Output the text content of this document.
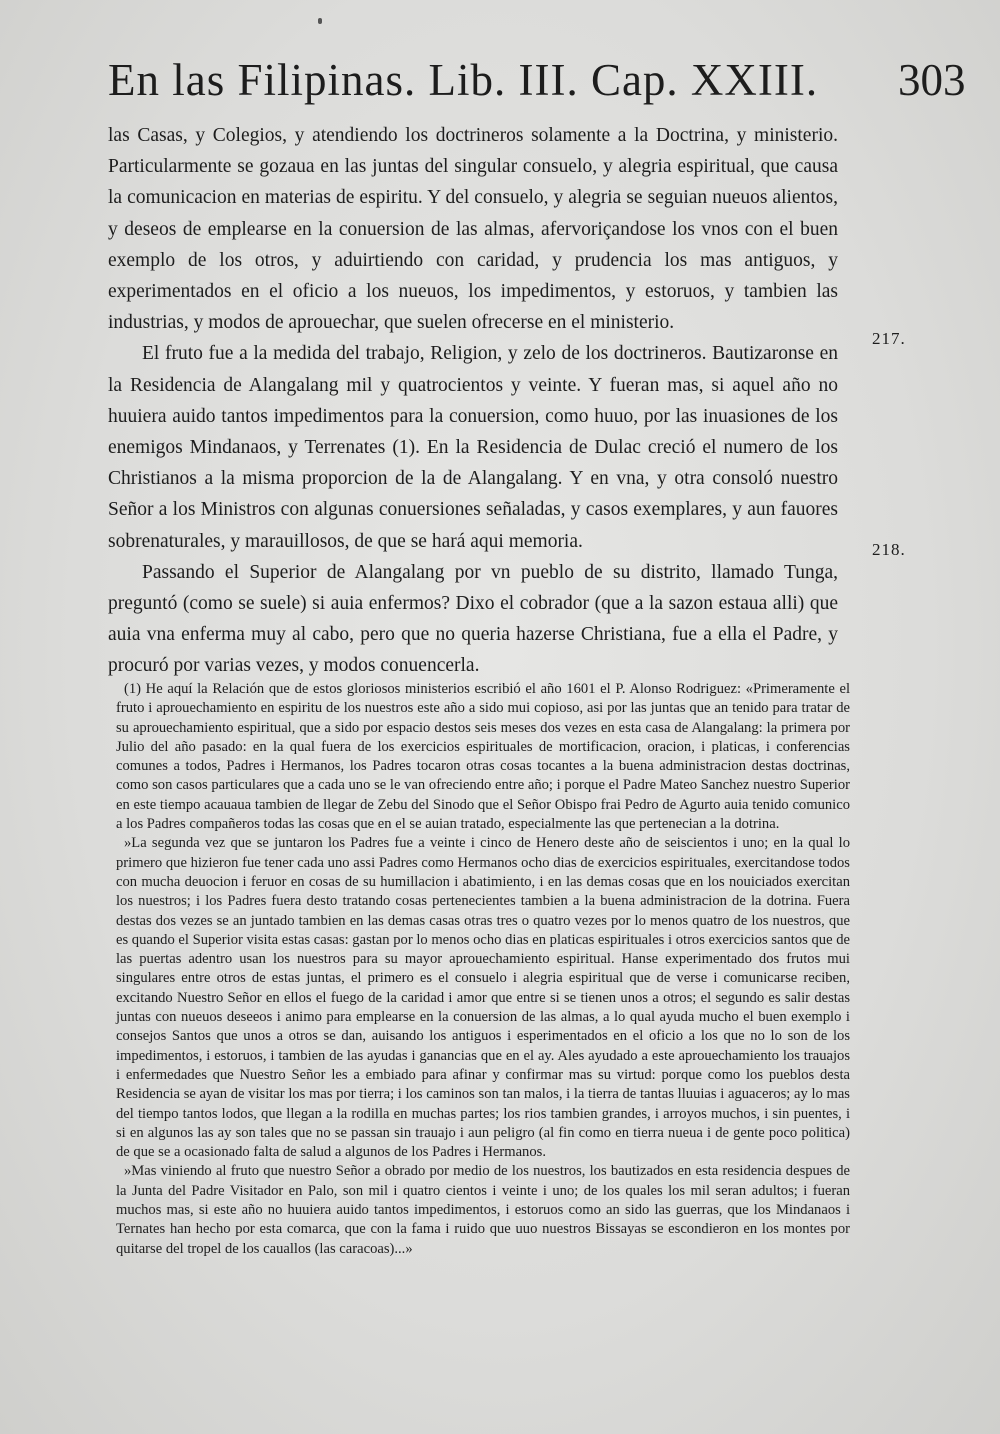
En las Filipinas. Lib. III. Cap. XXIII. 303

las Casas, y Colegios, y atendiendo los doctrineros solamente a la Doctrina, y ministerio. Particularmente se gozaua en las juntas del singular consuelo, y alegria espiritual, que causa la comunicacion en materias de espiritu. Y del consuelo, y alegria se seguian nueuos alientos, y deseos de emplearse en la conuersion de las almas, afervoriçandose los vnos con el buen exemplo de los otros, y aduirtiendo con caridad, y prudencia los mas antiguos, y experimentados en el oficio a los nueuos, los impedimentos, y estoruos, y tambien las industrias, y modos de aprouechar, que suelen ofrecerse en el ministerio.

El fruto fue a la medida del trabajo, Religion, y zelo de los doctrineros. Bautizaronse en la Residencia de Alangalang mil y quatrocientos y veinte. Y fueran mas, si aquel año no huuiera auido tantos impedimentos para la conuersion, como huuo, por las inuasiones de los enemigos Mindanaos, y Terrenates (1). En la Residencia de Dulac creció el numero de los Christianos a la misma proporcion de la de Alangalang. Y en vna, y otra consoló nuestro Señor a los Ministros con algunas conuersiones señaladas, y casos exemplares, y aun fauores sobrenaturales, y marauillosos, de que se hará aqui memoria.

Passando el Superior de Alangalang por vn pueblo de su distrito, llamado Tunga, preguntó (como se suele) si auia enfermos? Dixo el cobrador (que a la sazon estaua alli) que auia vna enferma muy al cabo, pero que no queria hazerse Christiana, fue a ella el Padre, y procuró por varias vezes, y modos conuencerla.

217.
218.

(1) He aquí la Relación que de estos gloriosos ministerios escribió el año 1601 el P. Alonso Rodriguez: «Primeramente el fruto i aprouechamiento en espiritu de los nuestros este año a sido mui copioso, asi por las juntas que an tenido para tratar de su aprouechamiento espiritual, que a sido por espacio destos seis meses dos vezes en esta casa de Alangalang: la primera por Julio del año pasado: en la qual fuera de los exercicios espirituales de mortificacion, oracion, i platicas, i conferencias comunes a todos, Padres i Hermanos, los Padres tocaron otras cosas tocantes a la buena administracion destas doctrinas, como son casos particulares que a cada uno se le van ofreciendo entre año; i porque el Padre Mateo Sanchez nuestro Superior en este tiempo acauaua tambien de llegar de Zebu del Sinodo que el Señor Obispo frai Pedro de Agurto auia tenido comunico a los Padres compañeros todas las cosas que en el se auian tratado, especialmente las que pertenecian a la dotrina.

»La segunda vez que se juntaron los Padres fue a veinte i cinco de Henero deste año de seiscientos i uno; en la qual lo primero que hizieron fue tener cada uno assi Padres como Hermanos ocho dias de exercicios espirituales, exercitandose todos con mucha deuocion i feruor en cosas de su humillacion i abatimiento, i en las demas cosas que en los nouiciados exercitan los nuestros; i los Padres fuera desto tratando cosas pertenecientes tambien a la buena administracion de la dotrina. Fuera destas dos vezes se an juntado tambien en las demas casas otras tres o quatro vezes por lo menos quatro de los nuestros, que es quando el Superior visita estas casas: gastan por lo menos ocho dias en platicas espirituales i otros exercicios santos que de las puertas adentro usan los nuestros para su mayor aprouechamiento espiritual. Hanse experimentado dos frutos mui singulares entre otros de estas juntas, el primero es el consuelo i alegria espiritual que de verse i comunicarse reciben, excitando Nuestro Señor en ellos el fuego de la caridad i amor que entre si se tienen unos a otros; el segundo es salir destas juntas con nueuos deseeos i animo para emplearse en la conuersion de las almas, a lo qual ayuda mucho el buen exemplo i consejos Santos que unos a otros se dan, auisando los antiguos i esperimentados en el oficio a los que no lo son de los impedimentos, i estoruos, i tambien de las ayudas i ganancias que en el ay. Ales ayudado a este aprouechamiento los trauajos i enfermedades que Nuestro Señor les a embiado para afinar y confirmar mas su virtud: porque como los pueblos desta Residencia se ayan de visitar los mas por tierra; i los caminos son tan malos, i la tierra de tantas lluuias i aguaceros; ay lo mas del tiempo tantos lodos, que llegan a la rodilla en muchas partes; los rios tambien grandes, i arroyos muchos, i sin puentes, i si en algunos las ay son tales que no se passan sin trauajo i aun peligro (al fin como en tierra nueua i de gente poco politica) de que se a ocasionado falta de salud a algunos de los Padres i Hermanos.

»Mas viniendo al fruto que nuestro Señor a obrado por medio de los nuestros, los bautizados en esta residencia despues de la Junta del Padre Visitador en Palo, son mil i quatro cientos i veinte i uno; de los quales los mil seran adultos; i fueran muchos mas, si este año no huuiera auido tantos impedimentos, i estoruos como an sido las guerras, que los Mindanaos i Ternates han hecho por esta comarca, que con la fama i ruido que uuo nuestros Bissayas se escondieron en los montes por quitarse del tropel de los cauallos (las caracoas)...»
